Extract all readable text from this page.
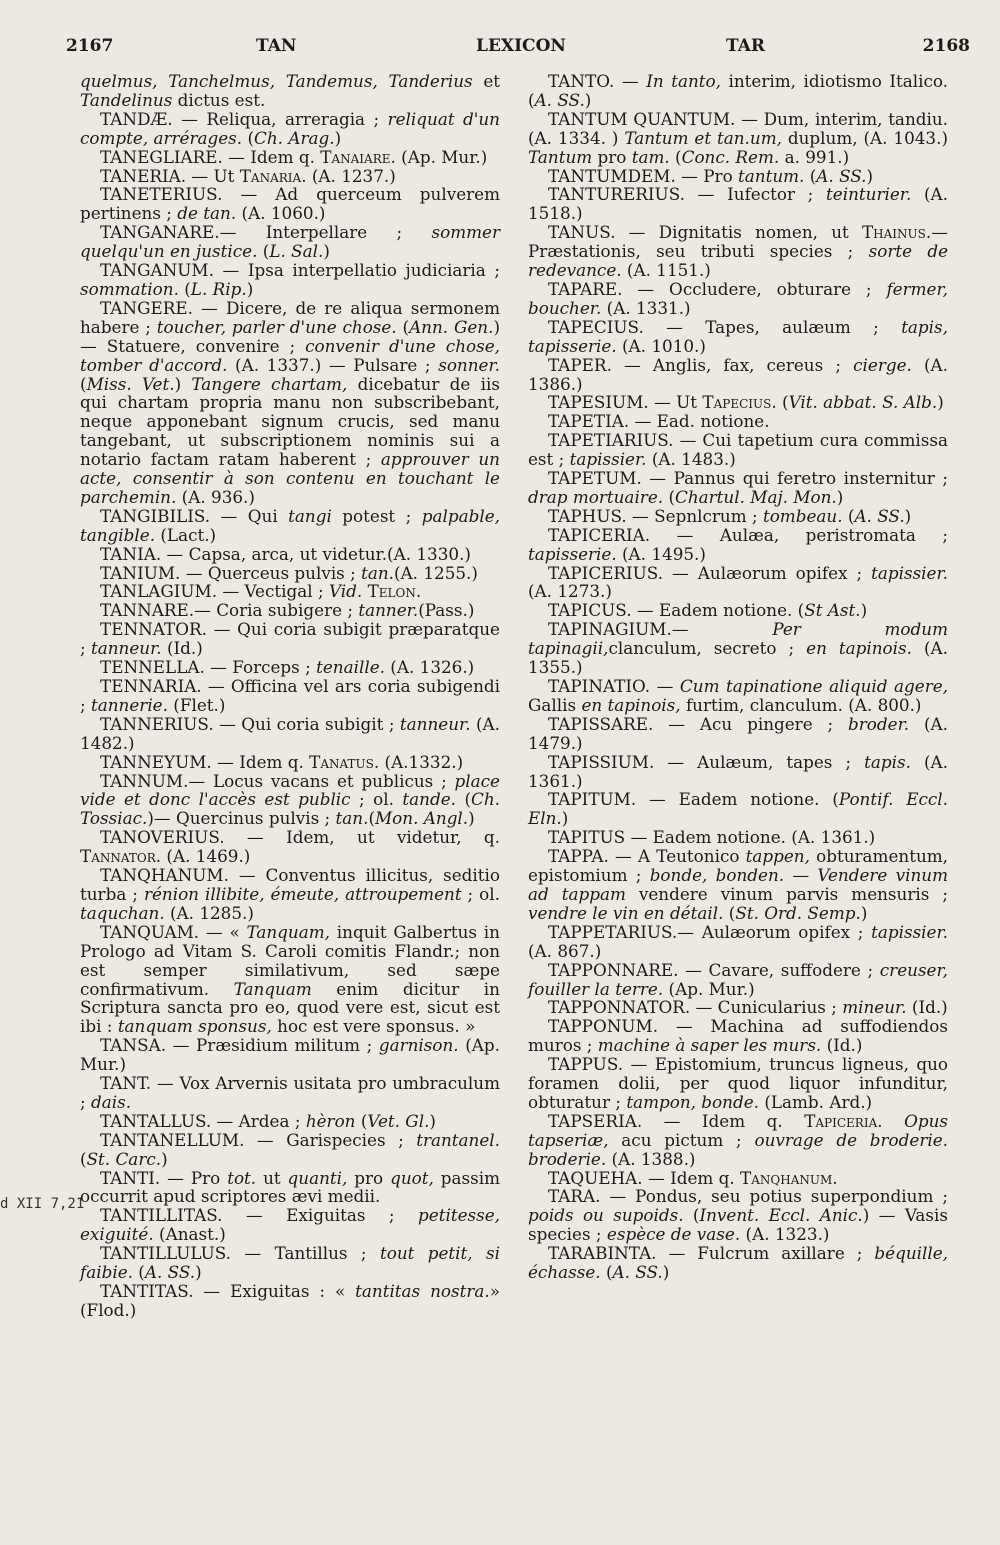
2167	TAN	LEXICON	TAR	2168
d XII 7,21

quelmus, Tanchelmus, Tandemus, Tanderius et Tandelinus dictus est.

TANDÆ. — Reliqua, arreragia ; reliquat d'un compte, arrérages. (Ch. Arag.)

TANEGLIARE. — Idem q. Tanaiare. (Ap. Mur.)

TANERIA. — Ut Tanaria. (A. 1237.)

TANETERIUS. — Ad querceum pulverem pertinens ; de tan. (A. 1060.)

TANGANARE.— Interpellare ; sommer quelqu'un en justice. (L. Sal.)

TANGANUM. — Ipsa interpellatio judiciaria ; sommation. (L. Rip.)

TANGERE. — Dicere, de re aliqua sermonem habere ; toucher, parler d'une chose. (Ann. Gen.) — Statuere, convenire ; convenir d'une chose, tomber d'accord. (A. 1337.) — Pulsare ; sonner. (Miss. Vet.) Tangere chartam, dicebatur de iis qui chartam propria manu non subscribebant, neque apponebant signum crucis, sed manu tangebant, ut subscriptionem nominis sui a notario factam ratam haberent ; approuver un acte, consentir à son contenu en touchant le parchemin. (A. 936.)

TANGIBILIS. — Qui tangi potest ; palpable, tangible. (Lact.)

TANIA. — Capsa, arca, ut videtur.(A. 1330.)

TANIUM. — Querceus pulvis ; tan.(A. 1255.)

TANLAGIUM. — Vectigal ; Vid. Telon.

TANNARE.— Coria subigere ; tanner.(Pass.)

TENNATOR. — Qui coria subigit præparatque ; tanneur. (Id.)

TENNELLA. — Forceps ; tenaille. (A. 1326.)

TENNARIA. — Officina vel ars coria subigendi ; tannerie. (Flet.)

TANNERIUS. — Qui coria subigit ; tanneur. (A. 1482.)

TANNEYUM. — Idem q. Tanatus. (A.1332.)

TANNUM.— Locus vacans et publicus ; place vide et donc l'accès est public ; ol. tande. (Ch. Tossiac.)— Quercinus pulvis ; tan.(Mon. Angl.)

TANOVERIUS. — Idem, ut videtur, q. Tannator. (A. 1469.)

TANQHANUM. — Conventus illicitus, seditio turba ; rénion illibite, émeute, attroupement ; ol. taquchan. (A. 1285.)

TANQUAM. — « Tanquam, inquit Galbertus in Prologo ad Vitam S. Caroli comitis Flandr.; non est semper similativum, sed sæpe confirmativum. Tanquam enim dicitur in Scriptura sancta pro eo, quod vere est, sicut est ibi : tanquam sponsus, hoc est vere sponsus. »

TANSA. — Præsidium militum ; garnison. (Ap. Mur.)

TANT. — Vox Arvernis usitata pro umbraculum ; dais.

TANTALLUS. — Ardea ; hèron (Vet. Gl.)

TANTANELLUM. — Garispecies ; trantanel. (St. Carc.)

TANTI. — Pro tot. ut quanti, pro quot, passim occurrit apud scriptores ævi medii.

TANTILLITAS. — Exiguitas ; petitesse, exiguité. (Anast.)

TANTILLULUS. — Tantillus ; tout petit, si faibie. (A. SS.)

TANTITAS. — Exiguitas : « tantitas nostra.» (Flod.)

TANTO. — In tanto, interim, idiotismo Italico. (A. SS.)

TANTUM QUANTUM. — Dum, interim, tandiu. (A. 1334. ) Tantum et tan.um, duplum, (A. 1043.) Tantum pro tam. (Conc. Rem. a. 991.)

TANTUMDEM. — Pro tantum. (A. SS.)

TANTURERIUS. — Iufector ; teinturier. (A. 1518.)

TANUS. — Dignitatis nomen, ut Thainus.— Præstationis, seu tributi species ; sorte de redevance. (A. 1151.)

TAPARE. — Occludere, obturare ; fermer, boucher. (A. 1331.)

TAPECIUS. — Tapes, aulæum ; tapis, tapisserie. (A. 1010.)

TAPER. — Anglis, fax, cereus ; cierge. (A. 1386.)

TAPESIUM. — Ut Tapecius. (Vit. abbat. S. Alb.)

TAPETIA. — Ead. notione.

TAPETIARIUS. — Cui tapetium cura commissa est ; tapissier. (A. 1483.)

TAPETUM. — Pannus qui feretro insternitur ; drap mortuaire. (Chartul. Maj. Mon.)

TAPHUS. — Sepnlcrum ; tombeau. (A. SS.)

TAPICERIA. — Aulæa, peristromata ; tapisserie. (A. 1495.)

TAPICERIUS. — Aulæorum opifex ; tapissier. (A. 1273.)

TAPICUS. — Eadem notione. (St Ast.)

TAPINAGIUM.— Per modum tapinagii,clanculum, secreto ; en tapinois. (A. 1355.)

TAPINATIO. — Cum tapinatione aliquid agere, Gallis en tapinois, furtim, clanculum. (A. 800.)

TAPISSARE. — Acu pingere ; broder. (A. 1479.)

TAPISSIUM. — Aulæum, tapes ; tapis. (A. 1361.)

TAPITUM. — Eadem notione. (Pontif. Eccl. Eln.)

TAPITUS — Eadem notione. (A. 1361.)

TAPPA. — A Teutonico tappen, obturamentum, epistomium ; bonde, bonden. — Vendere vinum ad tappam vendere vinum parvis mensuris ; vendre le vin en détail. (St. Ord. Semp.)

TAPPETARIUS.— Aulæorum opifex ; tapissier. (A. 867.)

TAPPONNARE. — Cavare, suffodere ; creuser, fouiller la terre. (Ap. Mur.)

TAPPONNATOR. — Cunicularius ; mineur. (Id.)

TAPPONUM. — Machina ad suffodiendos muros ; machine à saper les murs. (Id.)

TAPPUS. — Epistomium, truncus ligneus, quo foramen dolii, per quod liquor infunditur, obturatur ; tampon, bonde. (Lamb. Ard.)

TAPSERIA. — Idem q. Tapiceria. Opus tapseriæ, acu pictum ; ouvrage de broderie. broderie. (A. 1388.)

TAQUEHA. — Idem q. Tanqhanum.

TARA. — Pondus, seu potius superpondium ; poids ou supoids. (Invent. Eccl. Anic.) — Vasis species ; espèce de vase. (A. 1323.)

TARABINTA. — Fulcrum axillare ; béquille, échasse. (A. SS.)
